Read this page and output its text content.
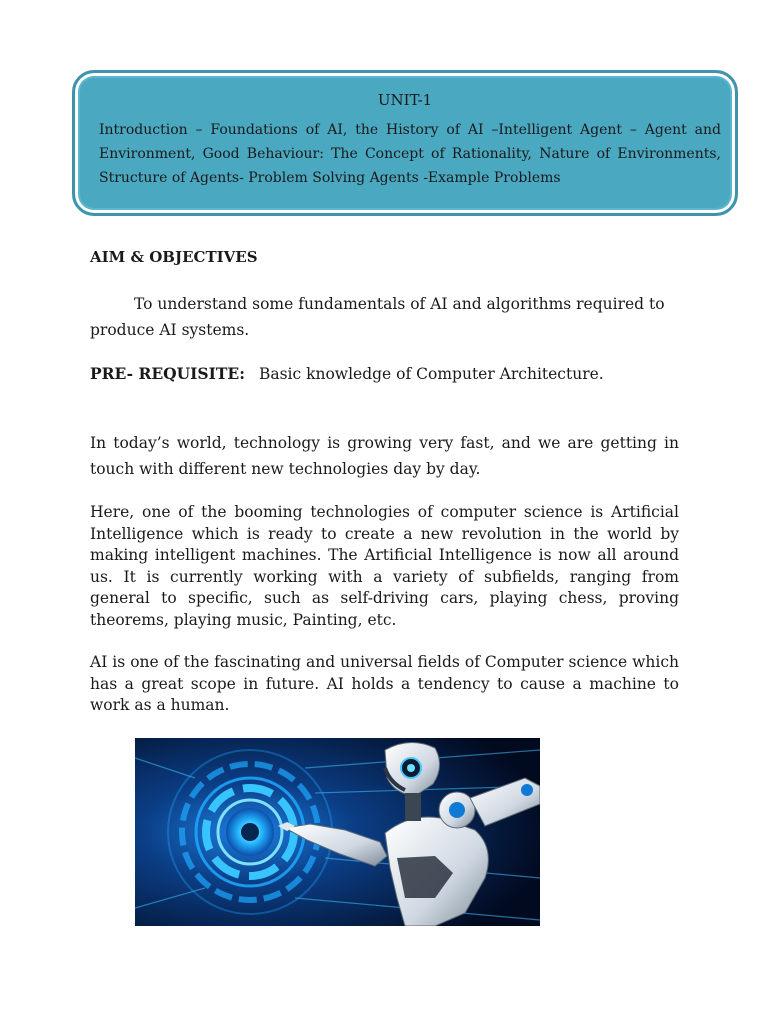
UNIT-1
Introduction – Foundations of AI, the History of AI –Intelligent Agent – Agent and Environment, Good Behaviour: The Concept of Rationality, Nature of Environments, Structure of Agents- Problem Solving Agents -Example Problems
AIM & OBJECTIVES
To understand some fundamentals of AI and algorithms required to produce AI systems.
PRE- REQUISITE: Basic knowledge of Computer Architecture.
In today’s world, technology is growing very fast, and we are getting in touch with different new technologies day by day.
Here, one of the booming technologies of computer science is Artificial Intelligence which is ready to create a new revolution in the world by making intelligent machines. The Artificial Intelligence is now all around us. It is currently working with a variety of subfields, ranging from general to specific, such as self-driving cars, playing chess, proving theorems, playing music, Painting, etc.
AI is one of the fascinating and universal fields of Computer science which has a great scope in future. AI holds a tendency to cause a machine to work as a human.
